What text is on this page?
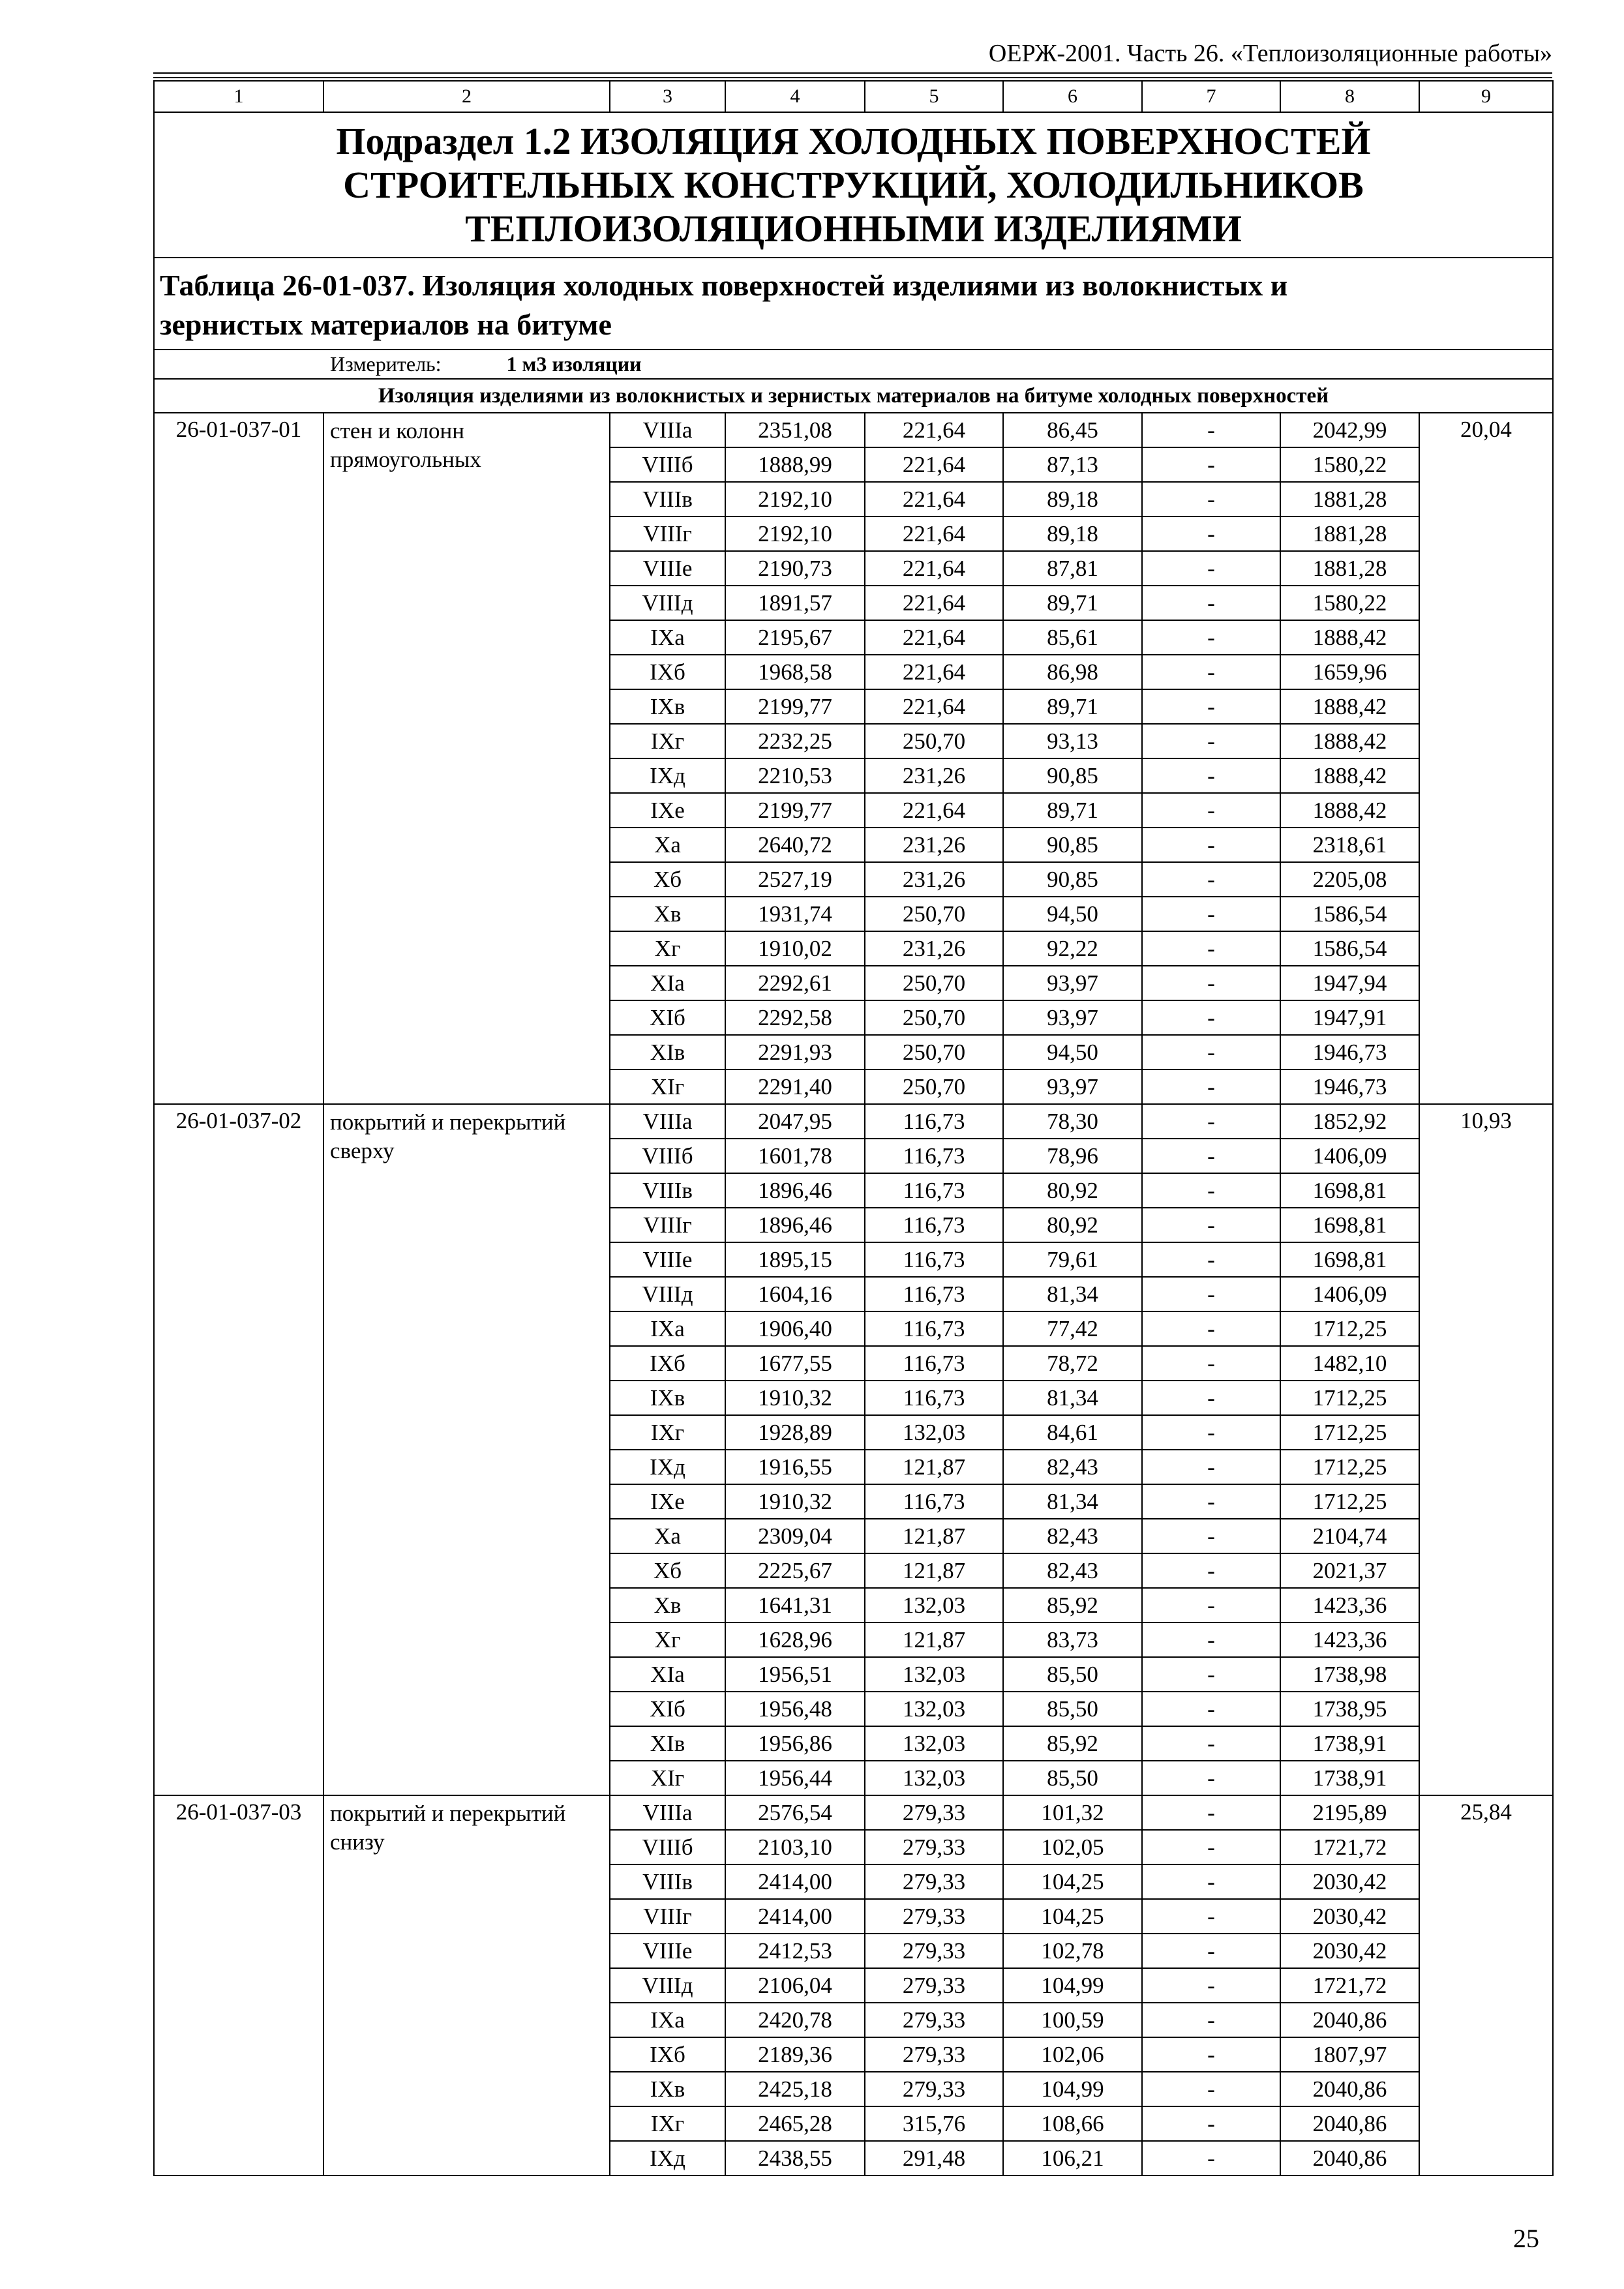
ОЕРЖ-2001. Часть 26. «Теплоизоляционные работы»
1	2	3	4	5	6	7	8	9

Подраздел 1.2 ИЗОЛЯЦИЯ ХОЛОДНЫХ ПОВЕРХНОСТЕЙ
СТРОИТЕЛЬНЫХ КОНСТРУКЦИЙ, ХОЛОДИЛЬНИКОВ
ТЕПЛОИЗОЛЯЦИОННЫМИ ИЗДЕЛИЯМИ								

Таблица 26-01-037. Изоляция холодных поверхностей изделиями из волокнистых и
зернистых материалов на битуме								

Измеритель: 1 м3 изоляции								
Изоляция изделиями из волокнистых и зернистых материалов на битуме холодных поверхностей								
26-01-037-01	стен и колонн прямоугольных	VIIIа	2351,08	221,64	86,45	-	2042,99	20,04
		VIIIб	1888,99	221,64	87,13	-	1580,22	
		VIIIв	2192,10	221,64	89,18	-	1881,28	
		VIIIг	2192,10	221,64	89,18	-	1881,28	
		VIIIе	2190,73	221,64	87,81	-	1881,28	
		VIIIд	1891,57	221,64	89,71	-	1580,22	
		IXа	2195,67	221,64	85,61	-	1888,42	
		IXб	1968,58	221,64	86,98	-	1659,96	
		IXв	2199,77	221,64	89,71	-	1888,42	
		IXг	2232,25	250,70	93,13	-	1888,42	
		IXд	2210,53	231,26	90,85	-	1888,42	
		IXе	2199,77	221,64	89,71	-	1888,42	
		Xа	2640,72	231,26	90,85	-	2318,61	
		Xб	2527,19	231,26	90,85	-	2205,08	
		Xв	1931,74	250,70	94,50	-	1586,54	
		Xг	1910,02	231,26	92,22	-	1586,54	
		XIа	2292,61	250,70	93,97	-	1947,94	
		XIб	2292,58	250,70	93,97	-	1947,91	
		XIв	2291,93	250,70	94,50	-	1946,73	
		XIг	2291,40	250,70	93,97	-	1946,73	
26-01-037-02	покрытий и перекрытий сверху	VIIIа	2047,95	116,73	78,30	-	1852,92	10,93
		VIIIб	1601,78	116,73	78,96	-	1406,09	
		VIIIв	1896,46	116,73	80,92	-	1698,81	
		VIIIг	1896,46	116,73	80,92	-	1698,81	
		VIIIе	1895,15	116,73	79,61	-	1698,81	
		VIIIд	1604,16	116,73	81,34	-	1406,09	
		IXа	1906,40	116,73	77,42	-	1712,25	
		IXб	1677,55	116,73	78,72	-	1482,10	
		IXв	1910,32	116,73	81,34	-	1712,25	
		IXг	1928,89	132,03	84,61	-	1712,25	
		IXд	1916,55	121,87	82,43	-	1712,25	
		IXе	1910,32	116,73	81,34	-	1712,25	
		Xа	2309,04	121,87	82,43	-	2104,74	
		Xб	2225,67	121,87	82,43	-	2021,37	
		Xв	1641,31	132,03	85,92	-	1423,36	
		Xг	1628,96	121,87	83,73	-	1423,36	
		XIа	1956,51	132,03	85,50	-	1738,98	
		XIб	1956,48	132,03	85,50	-	1738,95	
		XIв	1956,86	132,03	85,92	-	1738,91	
		XIг	1956,44	132,03	85,50	-	1738,91	
26-01-037-03	покрытий и перекрытий снизу	VIIIа	2576,54	279,33	101,32	-	2195,89	25,84
		VIIIб	2103,10	279,33	102,05	-	1721,72	
		VIIIв	2414,00	279,33	104,25	-	2030,42	
		VIIIг	2414,00	279,33	104,25	-	2030,42	
		VIIIе	2412,53	279,33	102,78	-	2030,42	
		VIIIд	2106,04	279,33	104,99	-	1721,72	
		IXа	2420,78	279,33	100,59	-	2040,86	
		IXб	2189,36	279,33	102,06	-	1807,97	
		IXв	2425,18	279,33	104,99	-	2040,86	
		IXг	2465,28	315,76	108,66	-	2040,86	
		IXд	2438,55	291,48	106,21	-	2040,86	
25
